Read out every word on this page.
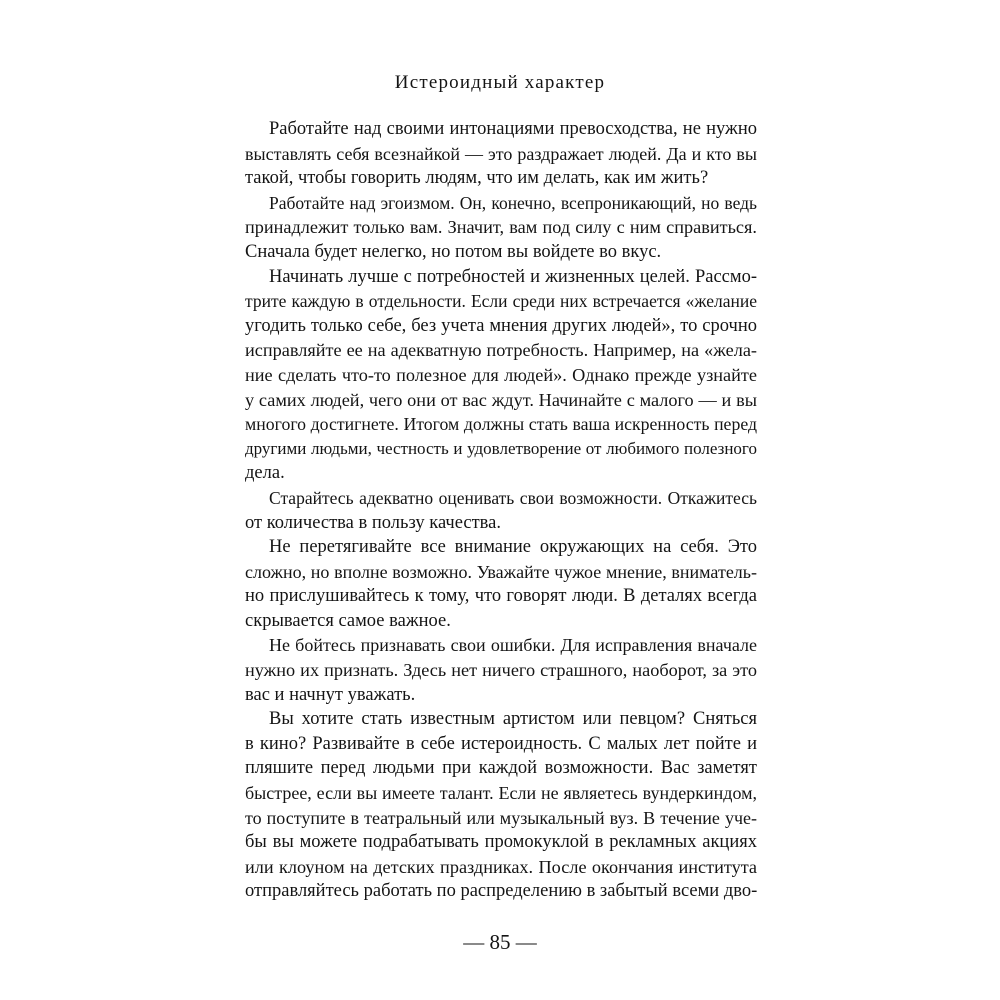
Истероидный характер
Работайте над своими интонациями превосходства, не нужно
выставлять себя всезнайкой — это раздражает людей. Да и кто вы
такой, чтобы говорить людям, что им делать, как им жить?
Работайте над эгоизмом. Он, конечно, всепроникающий, но ведь
принадлежит только вам. Значит, вам под силу с ним справиться.
Сначала будет нелегко, но потом вы войдете во вкус.
Начинать лучше с потребностей и жизненных целей. Рассмо-
трите каждую в отдельности. Если среди них встречается «желание
угодить только себе, без учета мнения других людей», то срочно
исправляйте ее на адекватную потребность. Например, на «жела-
ние сделать что-то полезное для людей». Однако прежде узнайте
у самих людей, чего они от вас ждут. Начинайте с малого — и вы
многого достигнете. Итогом должны стать ваша искренность перед
другими людьми, честность и удовлетворение от любимого полезного
дела.
Старайтесь адекватно оценивать свои возможности. Откажитесь
от количества в пользу качества.
Не перетягивайте все внимание окружающих на себя. Это
сложно, но вполне возможно. Уважайте чужое мнение, вниматель-
но прислушивайтесь к тому, что говорят люди. В деталях всегда
скрывается самое важное.
Не бойтесь признавать свои ошибки. Для исправления вначале
нужно их признать. Здесь нет ничего страшного, наоборот, за это
вас и начнут уважать.
Вы хотите стать известным артистом или певцом? Сняться
в кино? Развивайте в себе истероидность. С малых лет пойте и
пляшите перед людьми при каждой возможности. Вас заметят
быстрее, если вы имеете талант. Если не являетесь вундеркиндом,
то поступите в театральный или музыкальный вуз. В течение уче-
бы вы можете подрабатывать промокуклой в рекламных акциях
или клоуном на детских праздниках. После окончания института
отправляйтесь работать по распределению в забытый всеми дво-
— 85 —
